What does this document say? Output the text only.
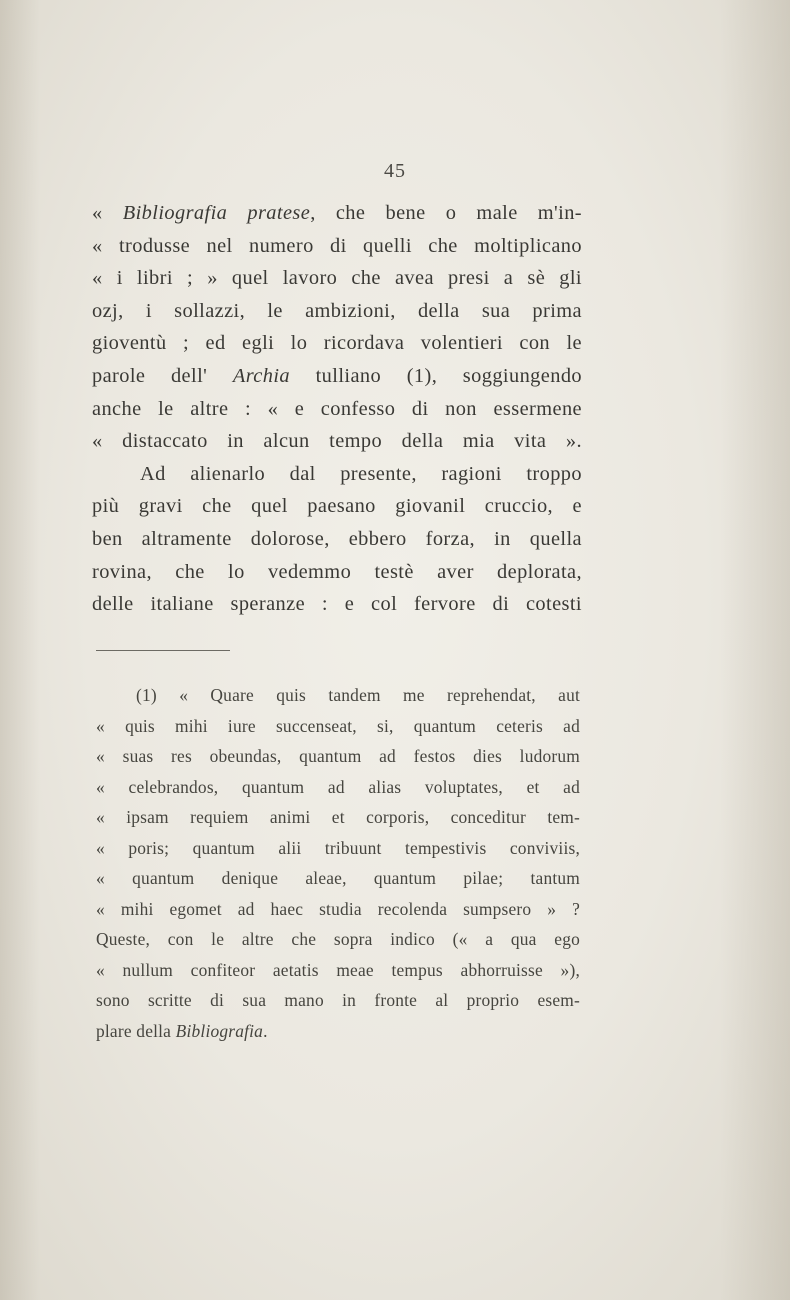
45
« Bibliografia pratese, che bene o male m'in-
« trodusse nel numero di quelli che moltiplicano
« i libri ; » quel lavoro che avea presi a sè gli
ozj, i sollazzi, le ambizioni, della sua prima
gioventù ; ed egli lo ricordava volentieri con le
parole dell' Archia tulliano (1), soggiungendo
anche le altre : « e confesso di non essermene
« distaccato in alcun tempo della mia vita ».
Ad alienarlo dal presente, ragioni troppo
più gravi che quel paesano giovanil cruccio, e
ben altramente dolorose, ebbero forza, in quella
rovina, che lo vedemmo testè aver deplorata,
delle italiane speranze : e col fervore di cotesti
(1) « Quare quis tandem me reprehendat, aut
« quis mihi iure succenseat, si, quantum ceteris ad
« suas res obeundas, quantum ad festos dies ludorum
« celebrandos, quantum ad alias voluptates, et ad
« ipsam requiem animi et corporis, conceditur tem-
« poris; quantum alii tribuunt tempestivis conviviis,
« quantum denique aleae, quantum pilae; tantum
« mihi egomet ad haec studia recolenda sumpsero » ?
Queste, con le altre che sopra indico (« a qua ego
« nullum confiteor aetatis meae tempus abhorruisse »),
sono scritte di sua mano in fronte al proprio esem-
plare della Bibliografia.
